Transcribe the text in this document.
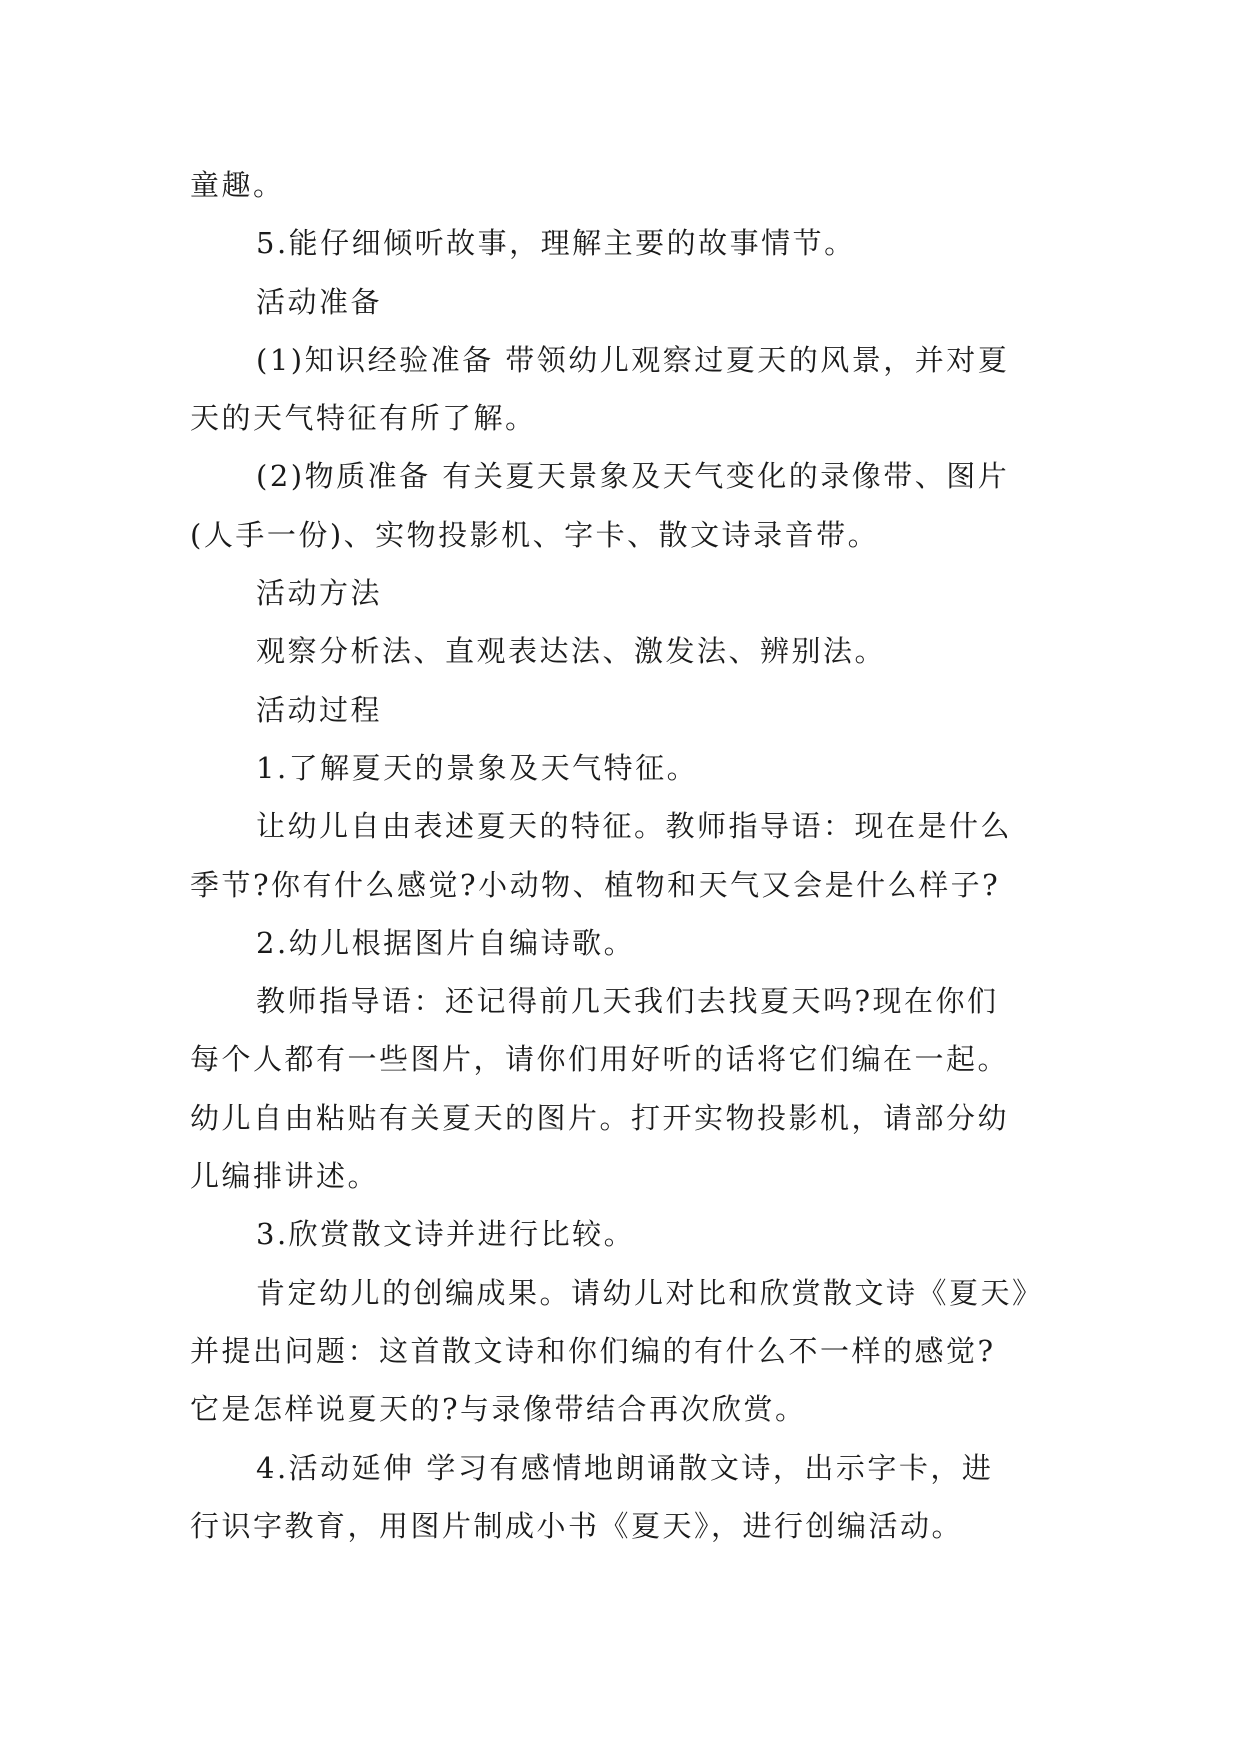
童趣。
5.能仔细倾听故事，理解主要的故事情节。
活动准备
(1)知识经验准备 带领幼儿观察过夏天的风景，并对夏
天的天气特征有所了解。
(2)物质准备 有关夏天景象及天气变化的录像带、图片
(人手一份)、实物投影机、字卡、散文诗录音带。
活动方法
观察分析法、直观表达法、激发法、辨别法。
活动过程
1.了解夏天的景象及天气特征。
让幼儿自由表述夏天的特征。教师指导语：现在是什么
季节?你有什么感觉?小动物、植物和天气又会是什么样子?
2.幼儿根据图片自编诗歌。
教师指导语：还记得前几天我们去找夏天吗?现在你们
每个人都有一些图片，请你们用好听的话将它们编在一起。
幼儿自由粘贴有关夏天的图片。打开实物投影机，请部分幼
儿编排讲述。
3.欣赏散文诗并进行比较。
肯定幼儿的创编成果。请幼儿对比和欣赏散文诗《夏天》
并提出问题：这首散文诗和你们编的有什么不一样的感觉?
它是怎样说夏天的?与录像带结合再次欣赏。
4.活动延伸 学习有感情地朗诵散文诗，出示字卡，进
行识字教育，用图片制成小书《夏天》，进行创编活动。
